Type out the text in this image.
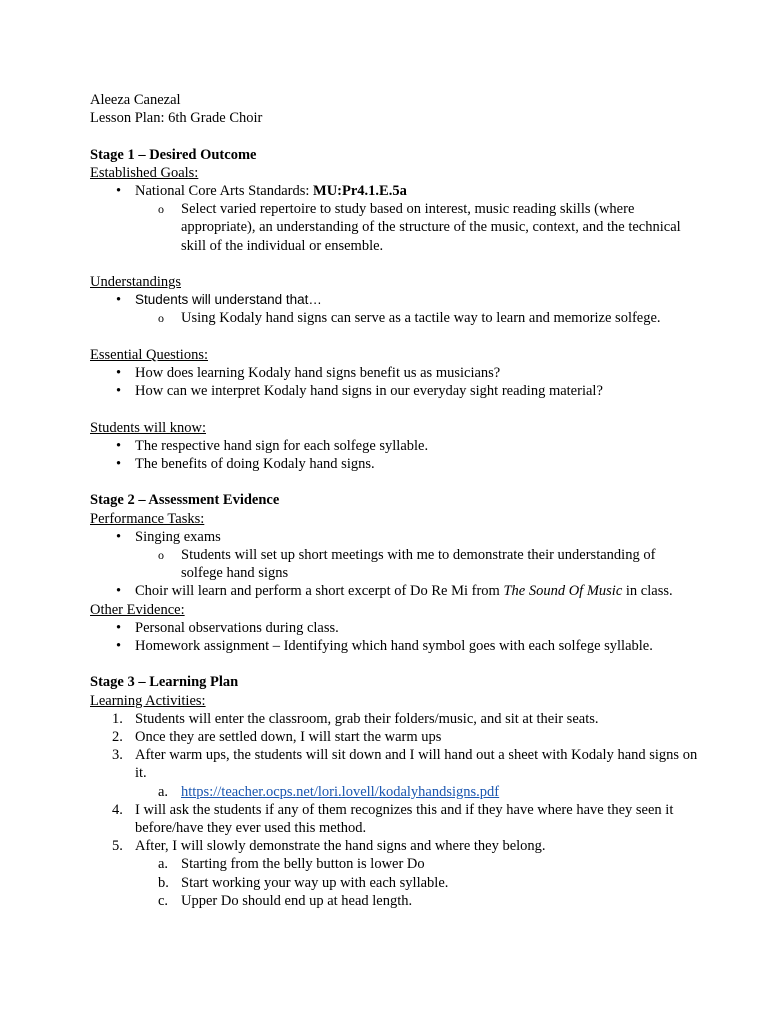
Aleeza Canezal
Lesson Plan: 6th Grade Choir
Stage 1 – Desired Outcome
Established Goals:
• National Core Arts Standards: MU:Pr4.1.E.5a
o Select varied repertoire to study based on interest, music reading skills (where appropriate), an understanding of the structure of the music, context, and the technical skill of the individual or ensemble.
Understandings
• Students will understand that…
o Using Kodaly hand signs can serve as a tactile way to learn and memorize solfege.
Essential Questions:
• How does learning Kodaly hand signs benefit us as musicians?
• How can we interpret Kodaly hand signs in our everyday sight reading material?
Students will know:
• The respective hand sign for each solfege syllable.
• The benefits of doing Kodaly hand signs.
Stage 2 – Assessment Evidence
Performance Tasks:
• Singing exams
o Students will set up short meetings with me to demonstrate their understanding of solfege hand signs
• Choir will learn and perform a short excerpt of Do Re Mi from The Sound Of Music in class.
Other Evidence:
• Personal observations during class.
• Homework assignment – Identifying which hand symbol goes with each solfege syllable.
Stage 3 – Learning Plan
Learning Activities:
1. Students will enter the classroom, grab their folders/music, and sit at their seats.
2. Once they are settled down, I will start the warm ups
3. After warm ups, the students will sit down and I will hand out a sheet with Kodaly hand signs on it.
a. https://teacher.ocps.net/lori.lovell/kodalyhandsigns.pdf
4. I will ask the students if any of them recognizes this and if they have where have they seen it before/have they ever used this method.
5. After, I will slowly demonstrate the hand signs and where they belong.
a. Starting from the belly button is lower Do
b. Start working your way up with each syllable.
c. Upper Do should end up at head length.
